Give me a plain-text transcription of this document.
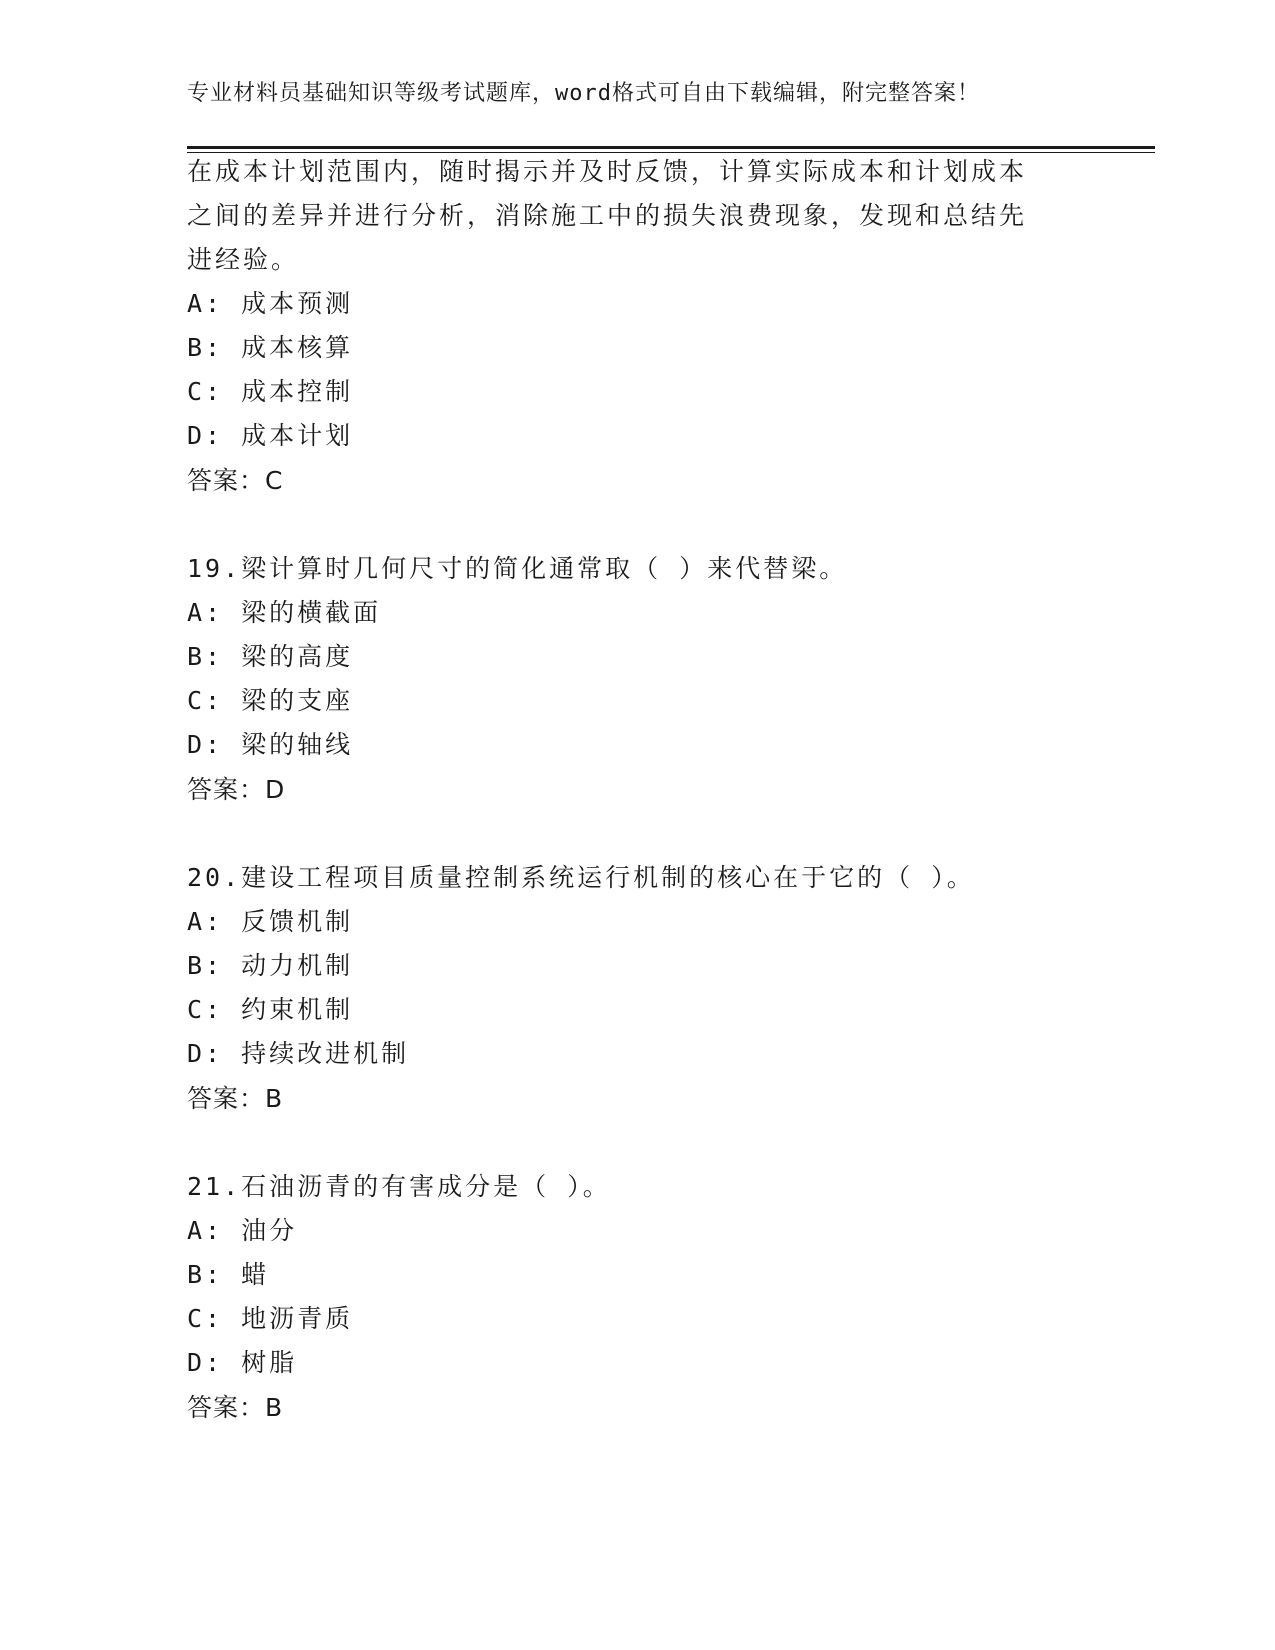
专业材料员基础知识等级考试题库，word格式可自由下载编辑，附完整答案！
在成本计划范围内，随时揭示并及时反馈，计算实际成本和计划成本
之间的差异并进行分析，消除施工中的损失浪费现象，发现和总结先
进经验。
A: 成本预测
B: 成本核算
C: 成本控制
D: 成本计划
答案：C
19.梁计算时几何尺寸的简化通常取（ ）来代替梁。
A: 梁的横截面
B: 梁的高度
C: 梁的支座
D: 梁的轴线
答案：D
20.建设工程项目质量控制系统运行机制的核心在于它的（ ）。
A: 反馈机制
B: 动力机制
C: 约束机制
D: 持续改进机制
答案：B
21.石油沥青的有害成分是（ ）。
A: 油分
B: 蜡
C: 地沥青质
D: 树脂
答案：B
